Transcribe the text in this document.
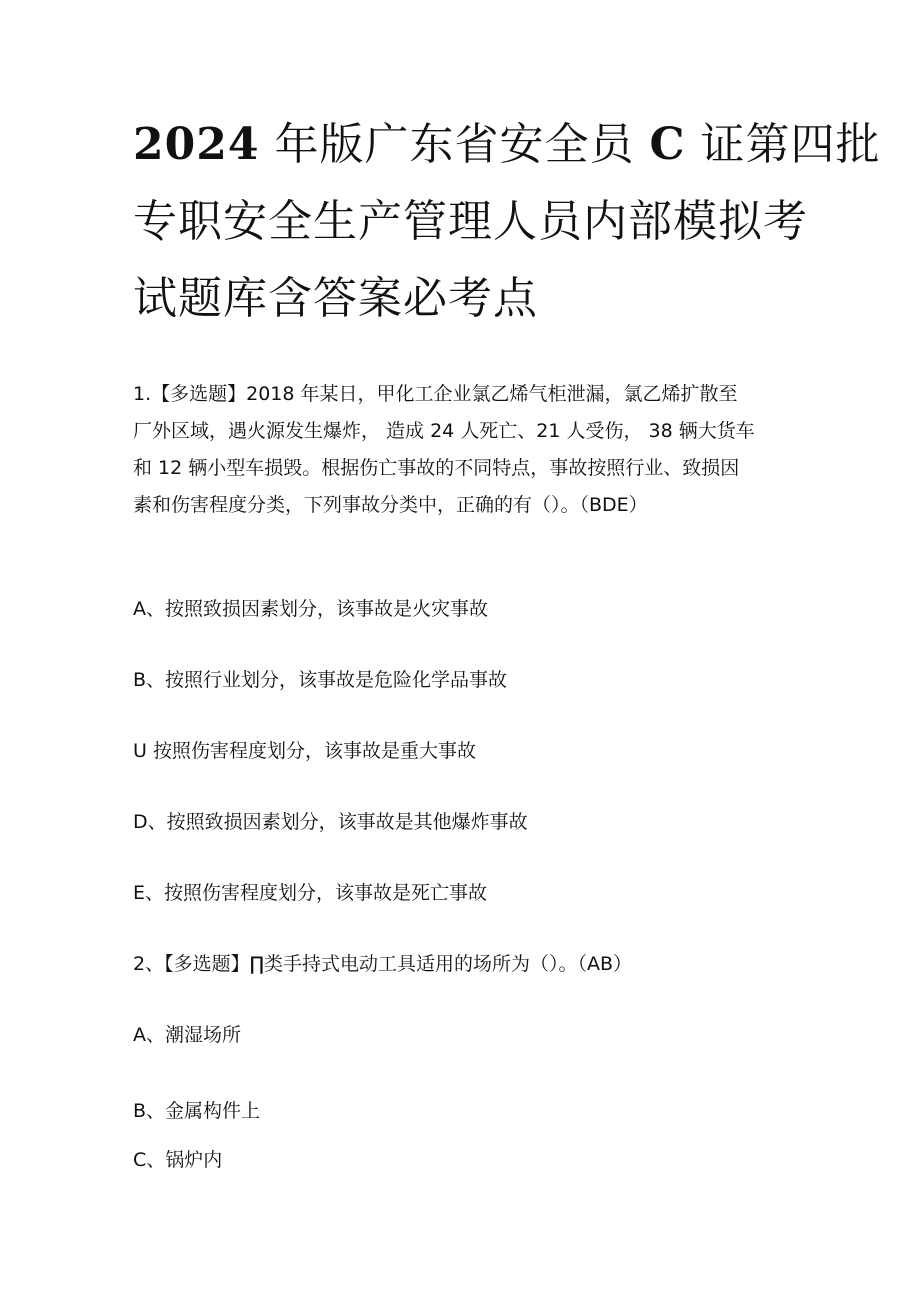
2024 年版广东省安全员 C 证第四批
专职安全生产管理人员内部模拟考
试题库含答案必考点

1.【多选题】2018 年某日，甲化工企业氯乙烯气柜泄漏，氯乙烯扩散至
厂外区域，遇火源发生爆炸， 造成 24 人死亡、21 人受伤， 38 辆大货车
和 12 辆小型车损毁。根据伤亡事故的不同特点，事故按照行业、致损因
素和伤害程度分类，下列事故分类中，正确的有（）。（BDE）

A、按照致损因素划分，该事故是火灾事故

B、按照行业划分，该事故是危险化学品事故

U 按照伤害程度划分，该事故是重大事故

D、按照致损因素划分，该事故是其他爆炸事故

E、按照伤害程度划分，该事故是死亡事故

2、【多选题】∏类手持式电动工具适用的场所为（）。（AB）

A、潮湿场所

B、金属构件上

C、锅炉内
